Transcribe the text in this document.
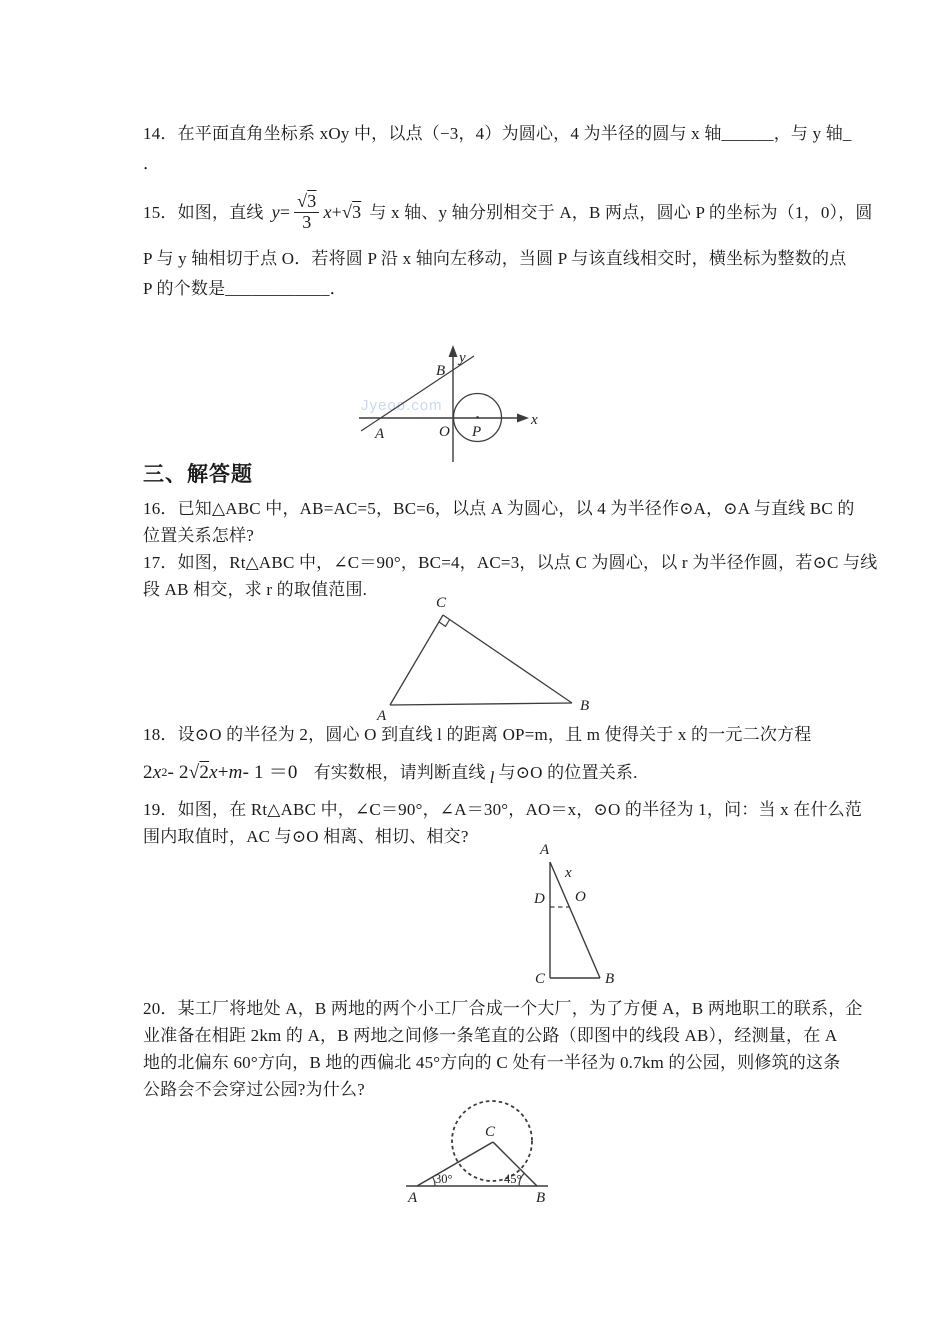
14．在平面直角坐标系 xOy 中，以点（−3，4）为圆心，4 为半径的圆与 x 轴______，与 y 轴_
．
15．如图，直线 $y = \frac{√3}{3}$ x + √ 3 与 x 轴、y 轴分别相交于 A，B 两点，圆心 P 的坐标为（1，0），圆
P 与 y 轴相切于点 O．若将圆 P 沿 x 轴向左移动，当圆 P 与该直线相交时，横坐标为整数的点
P 的个数是____________．
Jyeoo.com
y
B
A	O P
x
三、解答题
16．已知△ABC 中，AB=AC=5，BC=6，以点 A 为圆心，以 4 为半径作⊙A，⊙A 与直线 BC 的
位置关系怎样?
17．如图，Rt△ABC 中，∠C＝90°，BC=4，AC=3，以点 C 为圆心，以 r 为半径作圆，若⊙C 与线
段 AB 相交，求 r 的取值范围.
C
A
B
18．设⊙O 的半径为 2，圆心 O 到直线 l 的距离 OP=m，且 m 使得关于 x 的一元二次方程
2 x 2 - 2 √ 2 x + m - 1 ＝0 有实数根，请判断直线 l 与⊙O 的位置关系.
19．如图，在 Rt△ABC 中，∠C＝90°，∠A＝30°，AO＝x，⊙O 的半径为 1，问：当 x 在什么范
围内取值时，AC 与⊙O 相离、相切、相交?
A
x
D O
C	B
20．某工厂将地处 A，B 两地的两个小工厂合成一个大厂，为了方便 A，B 两地职工的联系，企
业准备在相距 2km 的 A，B 两地之间修一条笔直的公路（即图中的线段 AB），经测量，在 A
地的北偏东 60°方向，B 地的西偏北 45°方向的 C 处有一半径为 0.7km 的公园，则修筑的这条
公路会不会穿过公园?为什么?
C
30°	45°
A	B
